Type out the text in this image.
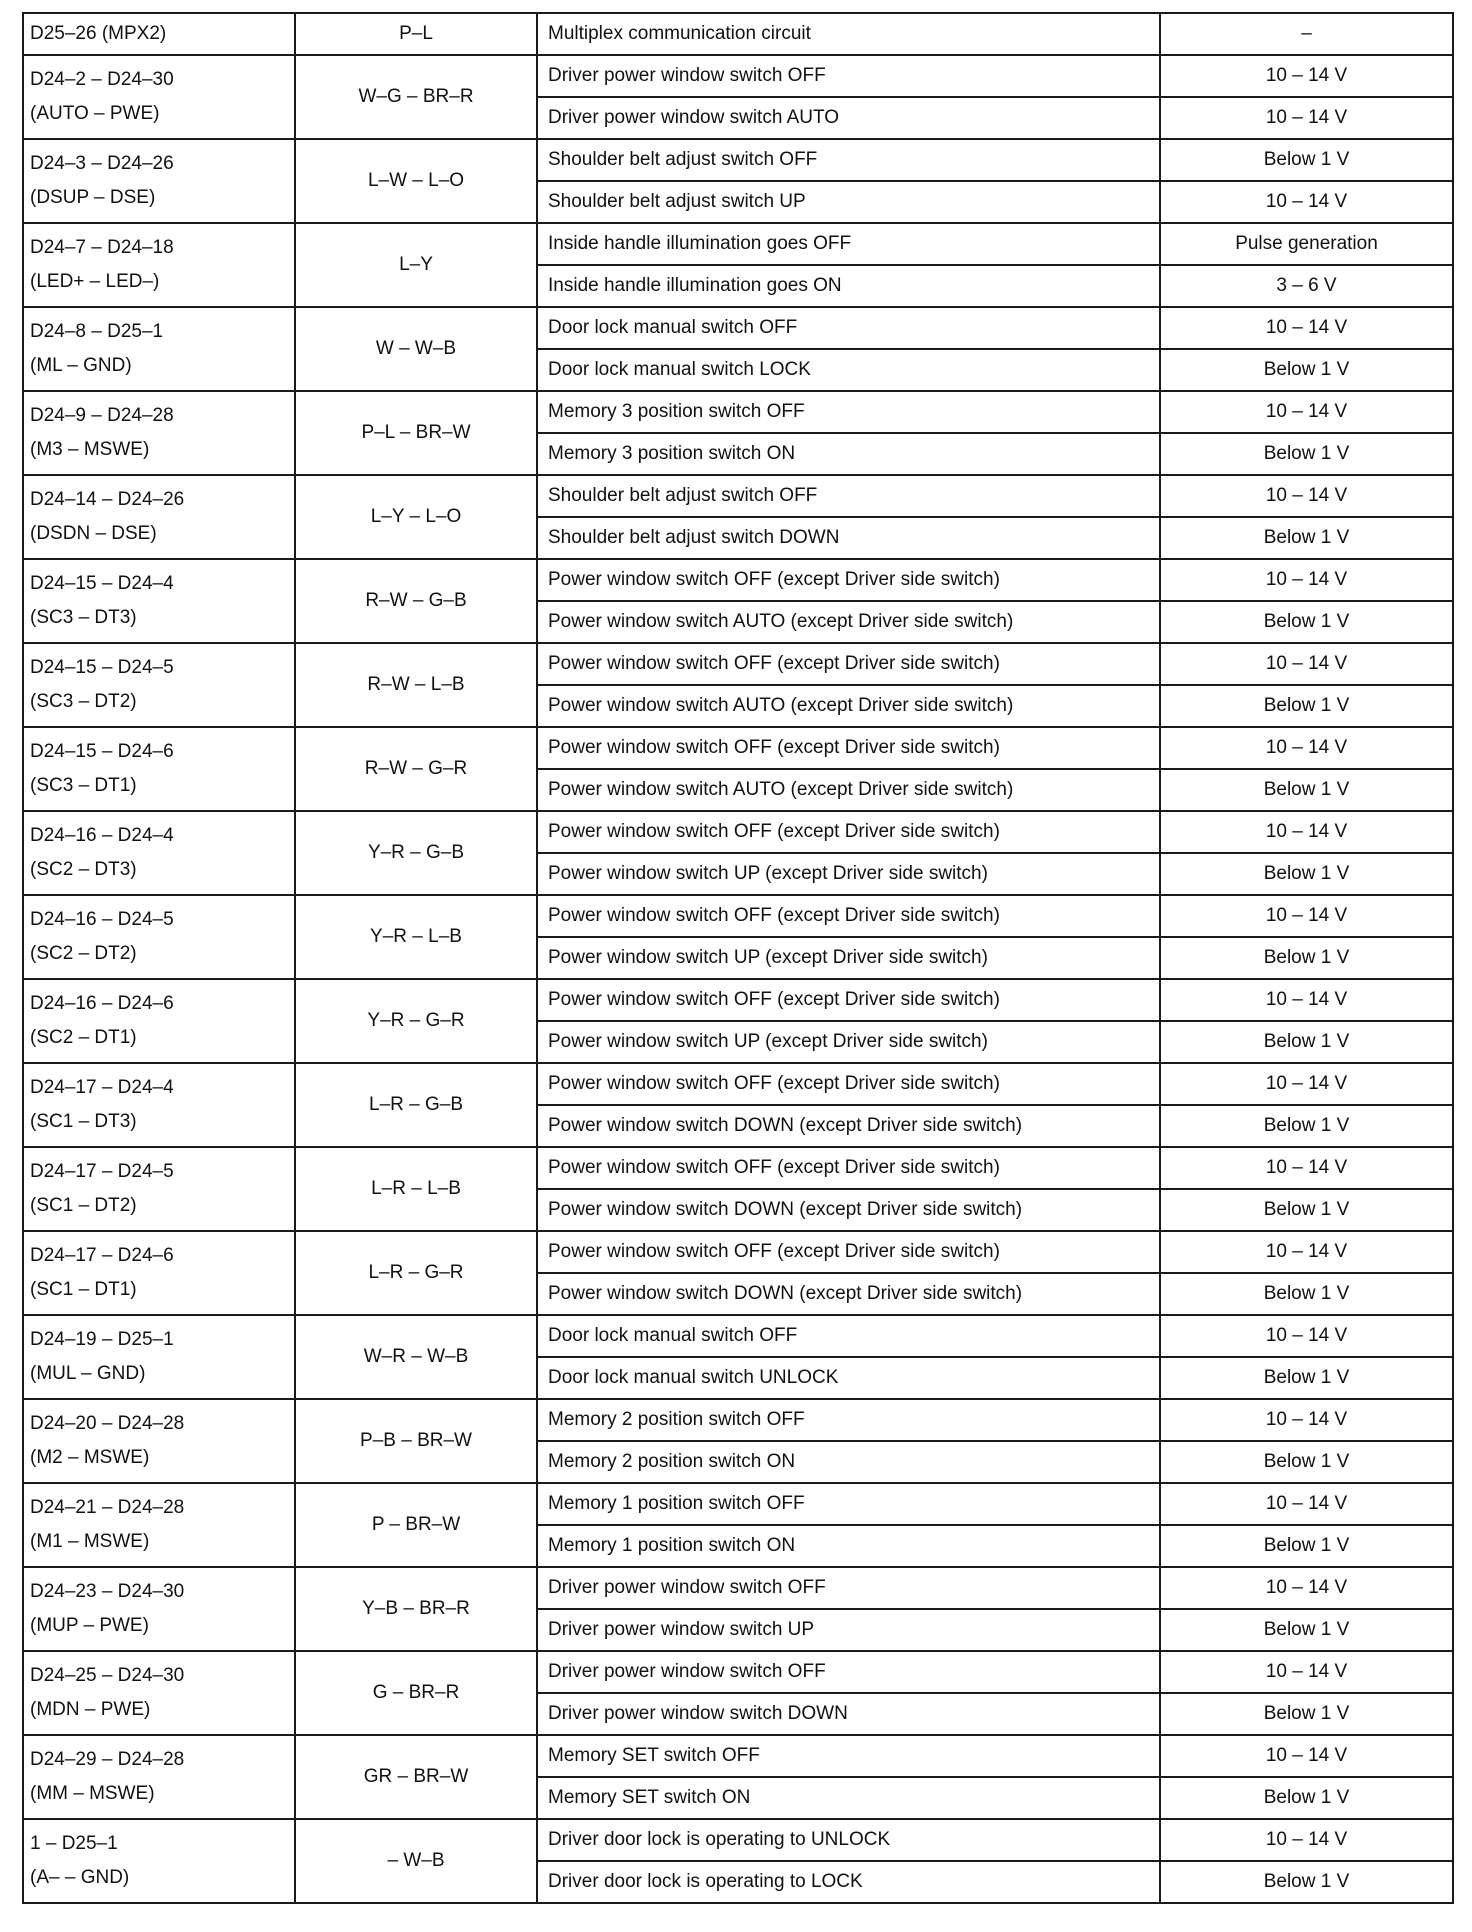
D25–26 (MPX2)	P–L	Multiplex communication circuit	–

D24–2 – D24–30
(AUTO – PWE)	W–G – BR–R	Driver power window switch OFF	10 – 14 V
		Driver power window switch AUTO	10 – 14 V

D24–3 – D24–26
(DSUP – DSE)	L–W – L–O	Shoulder belt adjust switch OFF	Below 1 V
		Shoulder belt adjust switch UP	10 – 14 V

D24–7 – D24–18
(LED+ – LED–)	L–Y	Inside handle illumination goes OFF	Pulse generation
		Inside handle illumination goes ON	3 – 6 V

D24–8 – D25–1
(ML – GND)	W – W–B	Door lock manual switch OFF	10 – 14 V
		Door lock manual switch LOCK	Below 1 V

D24–9 – D24–28
(M3 – MSWE)	P–L – BR–W	Memory 3 position switch OFF	10 – 14 V
		Memory 3 position switch ON	Below 1 V

D24–14 – D24–26
(DSDN – DSE)	L–Y – L–O	Shoulder belt adjust switch OFF	10 – 14 V
		Shoulder belt adjust switch DOWN	Below 1 V

D24–15 – D24–4
(SC3 – DT3)	R–W – G–B	Power window switch OFF (except Driver side switch)	10 – 14 V
		Power window switch AUTO (except Driver side switch)	Below 1 V

D24–15 – D24–5
(SC3 – DT2)	R–W – L–B	Power window switch OFF (except Driver side switch)	10 – 14 V
		Power window switch AUTO (except Driver side switch)	Below 1 V

D24–15 – D24–6
(SC3 – DT1)	R–W – G–R	Power window switch OFF (except Driver side switch)	10 – 14 V
		Power window switch AUTO (except Driver side switch)	Below 1 V

D24–16 – D24–4
(SC2 – DT3)	Y–R – G–B	Power window switch OFF (except Driver side switch)	10 – 14 V
		Power window switch UP (except Driver side switch)	Below 1 V

D24–16 – D24–5
(SC2 – DT2)	Y–R – L–B	Power window switch OFF (except Driver side switch)	10 – 14 V
		Power window switch UP (except Driver side switch)	Below 1 V

D24–16 – D24–6
(SC2 – DT1)	Y–R – G–R	Power window switch OFF (except Driver side switch)	10 – 14 V
		Power window switch UP (except Driver side switch)	Below 1 V

D24–17 – D24–4
(SC1 – DT3)	L–R – G–B	Power window switch OFF (except Driver side switch)	10 – 14 V
		Power window switch DOWN (except Driver side switch)	Below 1 V

D24–17 – D24–5
(SC1 – DT2)	L–R – L–B	Power window switch OFF (except Driver side switch)	10 – 14 V
		Power window switch DOWN (except Driver side switch)	Below 1 V

D24–17 – D24–6
(SC1 – DT1)	L–R – G–R	Power window switch OFF (except Driver side switch)	10 – 14 V
		Power window switch DOWN (except Driver side switch)	Below 1 V

D24–19 – D25–1
(MUL – GND)	W–R – W–B	Door lock manual switch OFF	10 – 14 V
		Door lock manual switch UNLOCK	Below 1 V

D24–20 – D24–28
(M2 – MSWE)	P–B – BR–W	Memory 2 position switch OFF	10 – 14 V
		Memory 2 position switch ON	Below 1 V

D24–21 – D24–28
(M1 – MSWE)	P – BR–W	Memory 1 position switch OFF	10 – 14 V
		Memory 1 position switch ON	Below 1 V

D24–23 – D24–30
(MUP – PWE)	Y–B – BR–R	Driver power window switch OFF	10 – 14 V
		Driver power window switch UP	Below 1 V

D24–25 – D24–30
(MDN – PWE)	G – BR–R	Driver power window switch OFF	10 – 14 V
		Driver power window switch DOWN	Below 1 V

D24–29 – D24–28
(MM – MSWE)	GR – BR–W	Memory SET switch OFF	10 – 14 V
		Memory SET switch ON	Below 1 V

1 – D25–1
(A– – GND)	– W–B	Driver door lock is operating to UNLOCK	10 – 14 V
		Driver door lock is operating to LOCK	Below 1 V
